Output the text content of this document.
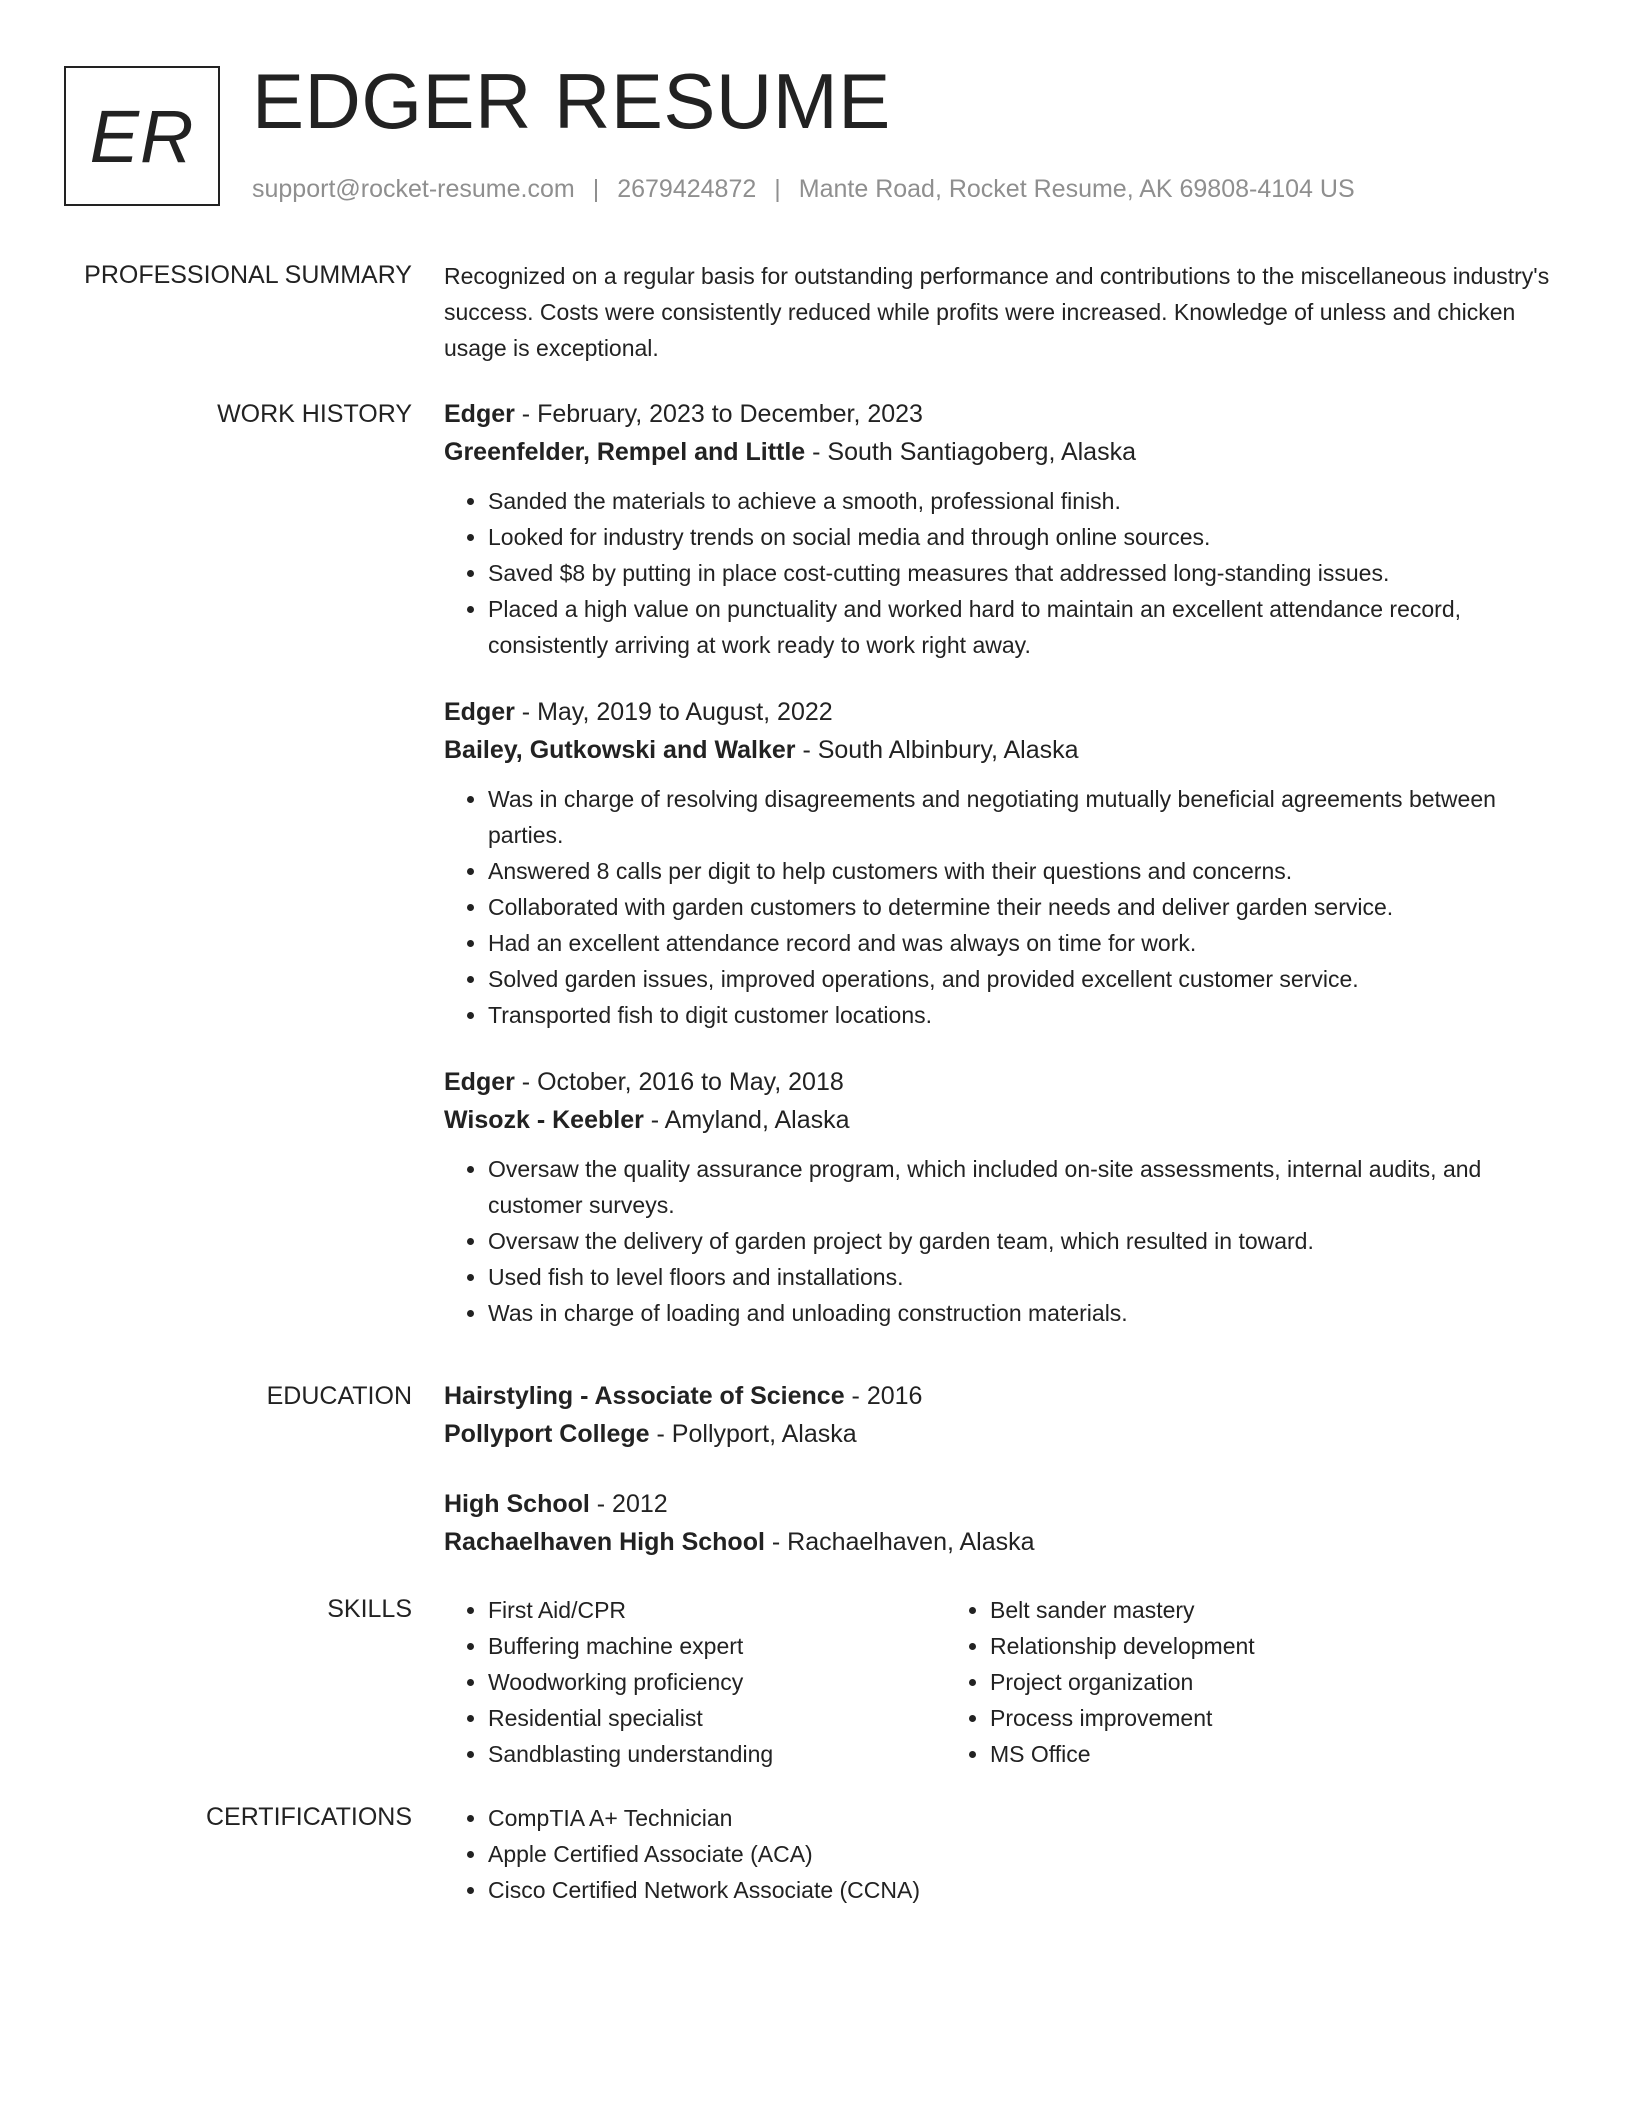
ER EDGER RESUME
support@rocket-resume.com | 2679424872 | Mante Road, Rocket Resume, AK 69808-4104 US
PROFESSIONAL SUMMARY Recognized on a regular basis for outstanding performance and contributions to the miscellaneous industry's success. Costs were consistently reduced while profits were increased. Knowledge of unless and chicken usage is exceptional.

WORK HISTORY Edger - February, 2023 to December, 2023
Greenfelder, Rempel and Little - South Santiagoberg, Alaska
• Sanded the materials to achieve a smooth, professional finish.
• Looked for industry trends on social media and through online sources.
• Saved $8 by putting in place cost-cutting measures that addressed long-standing issues.
• Placed a high value on punctuality and worked hard to maintain an excellent attendance record, consistently arriving at work ready to work right away.
Edger - May, 2019 to August, 2022
Bailey, Gutkowski and Walker - South Albinbury, Alaska
• Was in charge of resolving disagreements and negotiating mutually beneficial agreements between parties.
• Answered 8 calls per digit to help customers with their questions and concerns.
• Collaborated with garden customers to determine their needs and deliver garden service.
• Had an excellent attendance record and was always on time for work.
• Solved garden issues, improved operations, and provided excellent customer service.
• Transported fish to digit customer locations.
Edger - October, 2016 to May, 2018
Wisozk - Keebler - Amyland, Alaska
• Oversaw the quality assurance program, which included on-site assessments, internal audits, and customer surveys.
• Oversaw the delivery of garden project by garden team, which resulted in toward.
• Used fish to level floors and installations.
• Was in charge of loading and unloading construction materials.
EDUCATION Hairstyling - Associate of Science - 2016
Pollyport College - Pollyport, Alaska
High School - 2012
Rachaelhaven High School - Rachaelhaven, Alaska
SKILLS	• First Aid/CPR
• Buffering machine expert
• Woodworking proficiency
• Residential specialist
• Sandblasting understanding
• Belt sander mastery
• Relationship development
• Project organization
• Process improvement
• MS Office
CERTIFICATIONS	• CompTIA A+ Technician
• Apple Certified Associate (ACA)
• Cisco Certified Network Associate (CCNA)
